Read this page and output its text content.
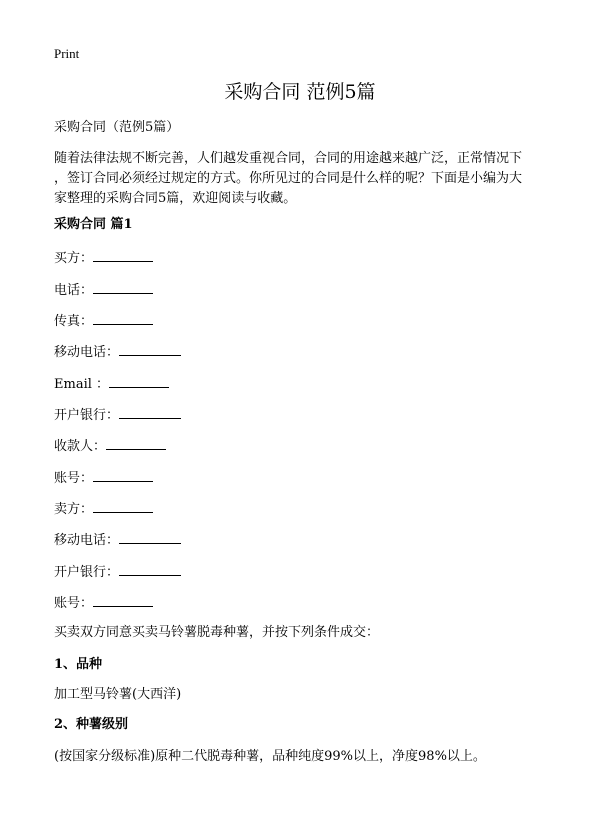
Print
采购合同 范例5篇
采购合同（范例5篇）
随着法律法规不断完善，人们越发重视合同，合同的用途越来越广泛，正常情况下
，签订合同必须经过规定的方式。你所见过的合同是什么样的呢？下面是小编为大
家整理的采购合同5篇，欢迎阅读与收藏。
采购合同 篇1
买方：
电话：
传真：
移动电话：
Email ：
开户银行：
收款人：
账号：
卖方：
移动电话：
开户银行：
账号：
买卖双方同意买卖马铃薯脱毒种薯，并按下列条件成交：
1、品种
加工型马铃薯(大西洋)
2、种薯级别
(按国家分级标准)原种二代脱毒种薯，品种纯度99%以上，净度98%以上。
